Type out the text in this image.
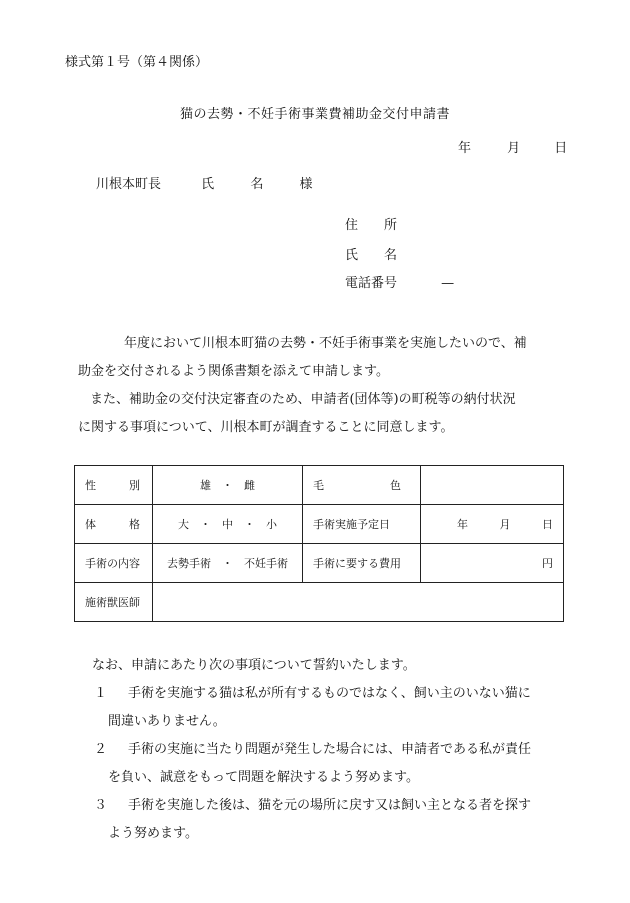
様式第１号（第４関係）
猫の去勢・不妊手術事業費補助金交付申請書
年	月	日
川根本町長	氏	名	様
住　　所
氏　　名
電話番号	—

年度において川根本町猫の去勢・不妊手術事業を実施したいので、補

助金を交付されるよう関係書類を添えて申請します。

また、補助金の交付決定審査のため、申請者(団体等)の町税等の納付状況

に関する事項について、川根本町が調査することに同意します。

性　　　別	雄　・　雌	毛　　　　　　色	
体　　　格	大　・　中　・　小	手術実施予定日	年 月 日
手術の内容	去勢手術　・　不妊手術	手術に要する費用	円
施術獣医師			

なお、申請にあたり次の事項について誓約いたします。

１	手術を実施する猫は私が所有するものではなく、飼い主のいない猫に
間違いありません。
２	手術の実施に当たり問題が発生した場合には、申請者である私が責任
を負い、誠意をもって問題を解決するよう努めます。
３	手術を実施した後は、猫を元の場所に戻す又は飼い主となる者を探す
よう努めます。
